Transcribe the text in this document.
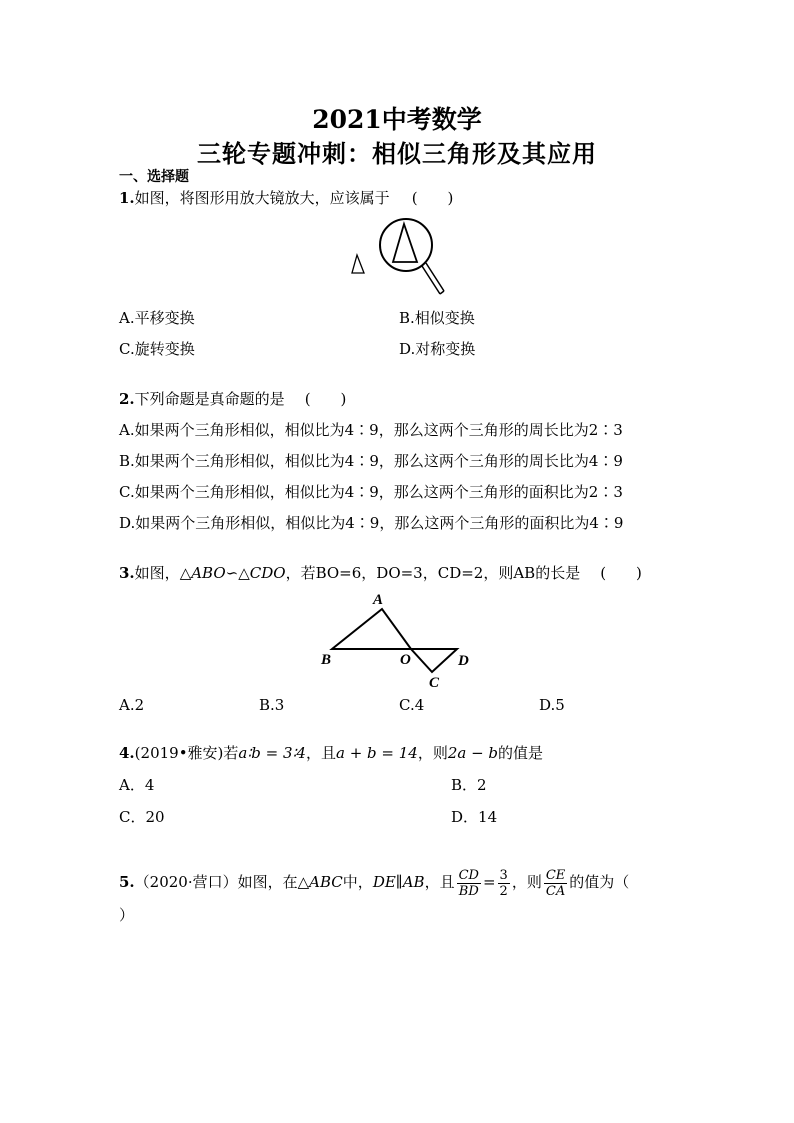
2021中考数学
三轮专题冲刺：相似三角形及其应用
一、选择题
1.如图，将图形用放大镜放大，应该属于 (　　)
A.平移变换	B.相似变换
C.旋转变换	D.对称变换
2.下列命题是真命题的是 (　　)
A.如果两个三角形相似，相似比为4∶9，那么这两个三角形的周长比为2∶3
B.如果两个三角形相似，相似比为4∶9，那么这两个三角形的周长比为4∶9
C.如果两个三角形相似，相似比为4∶9，那么这两个三角形的面积比为2∶3
D.如果两个三角形相似，相似比为4∶9，那么这两个三角形的面积比为4∶9
3.如图，△ABO∽△CDO，若BO=6，DO=3，CD=2，则AB的长是 (　　)
A
B	O	D
C
A.2	B.3	C.4	D.5
4.(2019•雅安)若a∶b = 3∶4，且a + b = 14，则2a − b的值是
A．4	B．2
C．20	D．14
5.（2020·营口）如图，在△ABC中，DE∥AB，且 $\frac{CD}{BD} = \frac{3}{2}$ ，则 $\frac{CE}{CA}$ 的值为（
）
